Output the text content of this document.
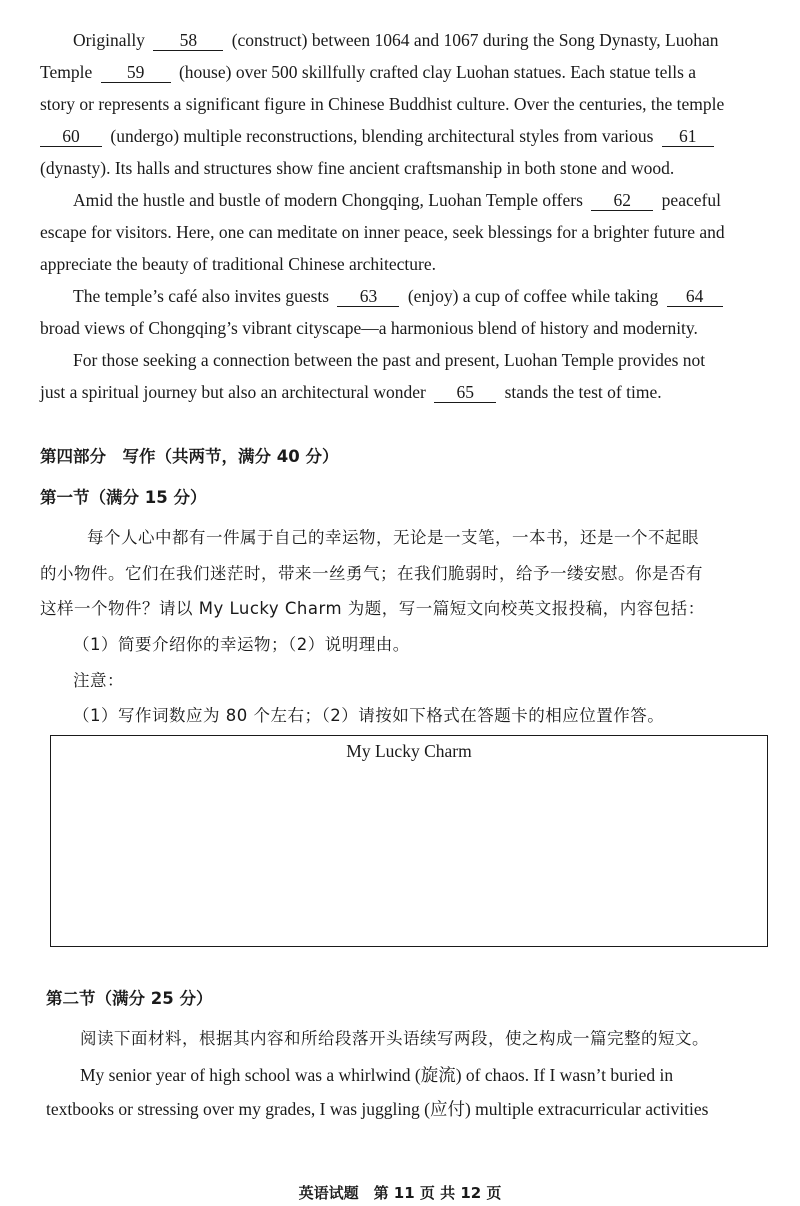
Originally 58 (construct) between 1064 and 1067 during the Song Dynasty, Luohan
Temple 59 (house) over 500 skillfully crafted clay Luohan statues. Each statue tells a
story or represents a significant figure in Chinese Buddhist culture. Over the centuries, the temple
60 (undergo) multiple reconstructions, blending architectural styles from various 61
(dynasty). Its halls and structures show fine ancient craftsmanship in both stone and wood.
Amid the hustle and bustle of modern Chongqing, Luohan Temple offers 62 peaceful
escape for visitors. Here, one can meditate on inner peace, seek blessings for a brighter future and
appreciate the beauty of traditional Chinese architecture.
The temple’s café also invites guests 63 (enjoy) a cup of coffee while taking 64
broad views of Chongqing’s vibrant cityscape—a harmonious blend of history and modernity.
For those seeking a connection between the past and present, Luohan Temple provides not
just a spiritual journey but also an architectural wonder 65 stands the test of time.
第四部分　写作（共两节，满分 40 分）
第一节（满分 15 分）
每个人心中都有一件属于自己的幸运物，无论是一支笔，一本书，还是一个不起眼
的小物件。它们在我们迷茫时，带来一丝勇气；在我们脆弱时，给予一缕安慰。你是否有
这样一个物件？请以 My Lucky Charm 为题，写一篇短文向校英文报投稿，内容包括：
（1）简要介绍你的幸运物；（2）说明理由。
注意：
（1）写作词数应为 80 个左右；（2）请按如下格式在答题卡的相应位置作答。
My Lucky Charm
第二节（满分 25 分）
阅读下面材料，根据其内容和所给段落开头语续写两段，使之构成一篇完整的短文。
My senior year of high school was a whirlwind (旋流) of chaos. If I wasn’t buried in
textbooks or stressing over my grades, I was juggling (应付) multiple extracurricular activities
英语试题　第 11 页 共 12 页
